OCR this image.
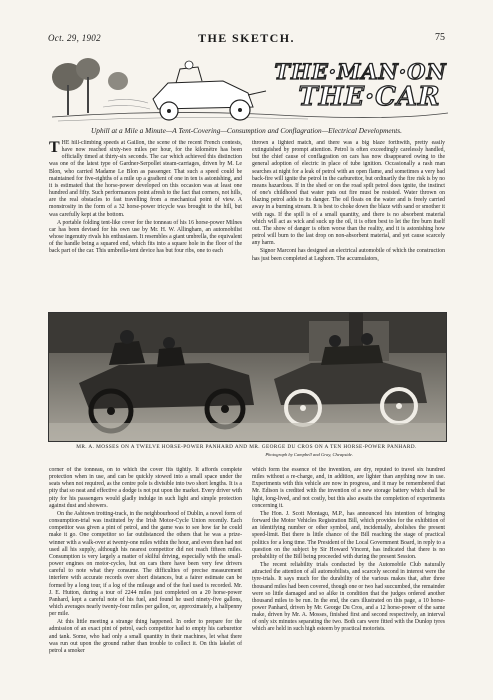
Oct. 29, 1902	THE SKETCH.	75
THE·MAN·ON
THE·CAR
Uphill at a Mile a Minute—A Tent-Covering—Consumption and Conflagration—Electrical Developments.

THE hill-climbing speeds at Gaillon, the scene of the recent French contests, have now reached sixty-two miles per hour, for the kilomètre has been officially timed at thirty-six seconds. The car which achieved this distinction was one of the latest type of Gardner-Serpollet steam-carriages, driven by M. Le Blon, who carried Madame Le Blon as passenger. That such a speed could be maintained for five-eighths of a mile up a gradient of one in ten is astonishing, and it is estimated that the horse-power developed on this occasion was at least one hundred and fifty. Such performances point afresh to the fact that corners, not hills, are the real obstacles to fast travelling from a mechanical point of view. A monstrosity in the form of a 32 horse-power tricycle was brought to the hill, but was carefully kept at the bottom.

A portable folding tent-like cover for the tonneau of his 16 horse-power Milnes car has been devised for his own use by Mr. H. W. Allingham, an automobilist whose ingenuity rivals his enthusiasm. It resembles a giant umbrella, the equivalent of the handle being a squared end, which fits into a square hole in the floor of the back part of the car. This umbrella-tent device has but four ribs, one to each

thrown a lighted match, and there was a big blaze forthwith, pretty easily extinguished by prompt attention. Petrol is often exceedingly carelessly handled, but the chief cause of conflagration on cars has now disappeared owing to the general adoption of electric in place of tube ignition. Occasionally a rash man searches at night for a leak of petrol with an open flame, and sometimes a very bad back-fire will ignite the petrol in the carburettor, but ordinarily the fire risk is by no means hazardous. If in the shed or on the road spilt petrol does ignite, the instinct of one's childhood that water puts out fire must be resisted. Water thrown on blazing petrol adds to its danger. The oil floats on the water and is freely carried away in a burning stream. It is best to choke down the blaze with sand or smother it with rags. If the spill is of a small quantity, and there is no absorbent material which will act as wick and suck up the oil, it is often best to let the fire burn itself out. The show of danger is often worse than the reality, and it is astonishing how petrol will burn to the last drop on non-absorbent material, and yet cause scarcely any harm.

Signor Marconi has designed an electrical automobile of which the construction has just been completed at Leghorn. The accumulators,

MR. A. MOSSES ON A TWELVE HORSE-POWER PANHARD AND MR. GEORGE DU CROS ON A TEN HORSE-POWER PANHARD.
Photograph by Campbell and Gray, Cheapside.

corner of the tonneau, on to which the cover fits tightly. It affords complete protection when in use, and can be quickly stowed into a small space under the seats when not required, as the centre pole is divisible into two short lengths. It is a pity that so neat and effective a dodge is not put upon the market. Every driver with pity for his passengers would gladly indulge in such light and simple protection against dust and showers.

On the Ashtown trotting-track, in the neighbourhood of Dublin, a novel form of consumption-trial was instituted by the Irish Motor-Cycle Union recently. Each competitor was given a pint of petrol, and the game was to see how far he could make it go. One competitor so far outdistanced the others that he was a prize-winner with a walk-over at twenty-one miles within the hour, and even then had not used all his supply, although his nearest competitor did not reach fifteen miles. Consumption is very largely a matter of skilful driving, especially with the small-power engines on motor-cycles, but on cars there have been very few drivers careful to note what they consume. The difficulties of precise measurement interfere with accurate records over short distances, but a fairer estimate can be formed by a long tour, if a log of the mileage and of the fuel used is recorded. Mr. J. E. Hutton, during a tour of 2244 miles just completed on a 20 horse-power Panhard, kept a careful note of his fuel, and found he used ninety-five gallons, which averages nearly twenty-four miles per gallon, or, approximately, a halfpenny per mile.

At this little meeting a strange thing happened. In order to prepare for the admission of an exact pint of petrol, each competitor had to empty his carburettor and tank. Some, who had only a small quantity in their machines, let what there was run out upon the ground rather than trouble to collect it. On this lakelet of petrol a smoker

which form the essence of the invention, are dry, reputed to travel six hundred miles without a re-charge, and, in addition, are lighter than anything now in use. Experiments with this vehicle are now in progress, and it may be remembered that Mr. Edison is credited with the invention of a new storage battery which shall be light, long-lived, and not costly, but this also awaits the completion of experiments concerning it.

The Hon. J. Scott Montagu, M.P., has announced his intention of bringing forward the Motor Vehicles Registration Bill, which provides for the exhibition of an identifying number or other symbol, and, incidentally, abolishes the present speed-limit. But there is little chance of the Bill reaching the stage of practical politics for a long time. The President of the Local Government Board, in reply to a question on the subject by Sir Howard Vincent, has indicated that there is no probability of the Bill being proceeded with during the present Session.

The recent reliability trials conducted by the Automobile Club naturally attracted the attention of all automobilists, and scarcely second in interest were the tyre-trials. It says much for the durability of the various makes that, after three thousand miles had been covered, though one or two had succumbed, the remainder were so little damaged and so alike in condition that the judges ordered another thousand miles to be run. In the end, the cars illustrated on this page, a 10 horse-power Panhard, driven by Mr. George Du Cros, and a 12 horse-power of the same make, driven by Mr. A. Mosses, finished first and second respectively, an interval of only six minutes separating the two. Both cars were fitted with the Dunlop tyres which are held in such high esteem by practical motorists.
